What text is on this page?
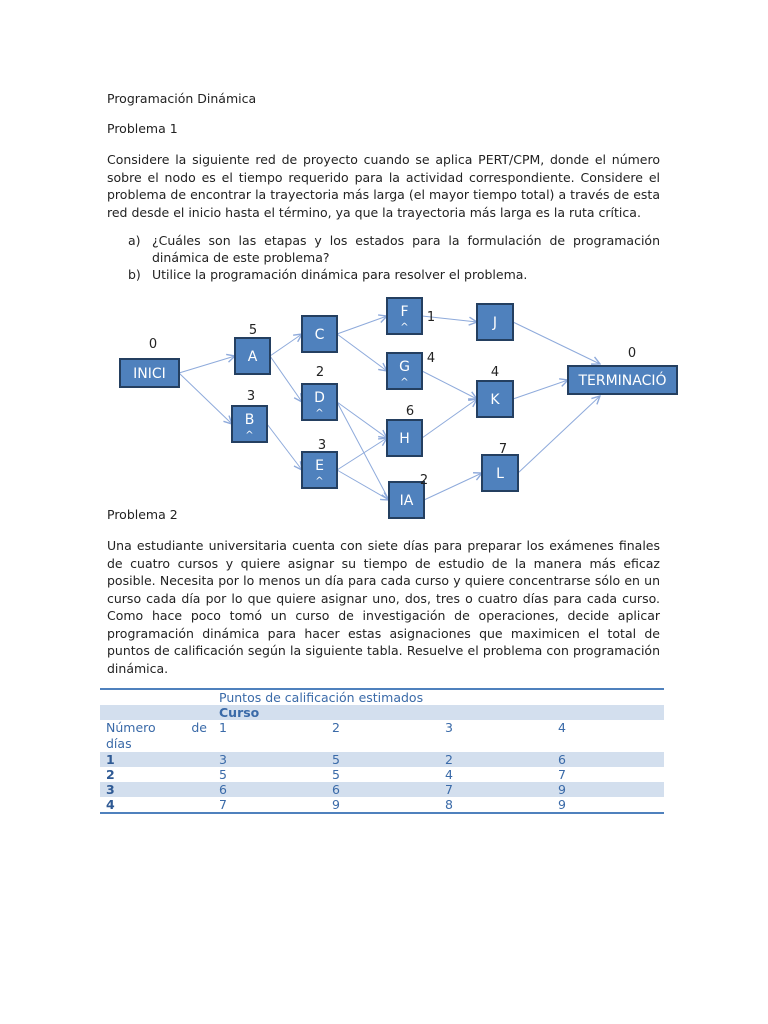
Programación Dinámica
Problema 1
Considere la siguiente red de proyecto cuando se aplica PERT/CPM, donde el número
sobre el nodo es el tiempo requerido para la actividad correspondiente. Considere el
problema de encontrar la trayectoria más larga (el mayor tiempo total) a través de esta
red desde el inicio hasta el término, ya que la trayectoria más larga es la ruta crítica.
a) ¿Cuáles son las etapas y los estados para la formulación de programación
dinámica de este problema?
b) Utilice la programación dinámica para resolver el problema.
INICI
0
A
5
B
^
3
C
D
^
2
E
^
3
F
^
1
G
^
4
H
6
IA
2
J
K
4
L
7
TERMINACIÓ
0
Problema 2
Una estudiante universitaria cuenta con siete días para preparar los exámenes finales
de cuatro cursos y quiere asignar su tiempo de estudio de la manera más eficaz
posible. Necesita por lo menos un día para cada curso y quiere concentrarse sólo en un
curso cada día por lo que quiere asignar uno, dos, tres o cuatro días para cada curso.
Como hace poco tomó un curso de investigación de operaciones, decide aplicar
programación dinámica para hacer estas asignaciones que maximicen el total de
puntos de calificación según la siguiente tabla. Resuelve el problema con programación
dinámica.
	Puntos de calificación estimados			
	Curso			

Número de
días	1	2	3	4
1	3	5	2	6
2	5	5	4	7
3	6	6	7	9
4	7	9	8	9
